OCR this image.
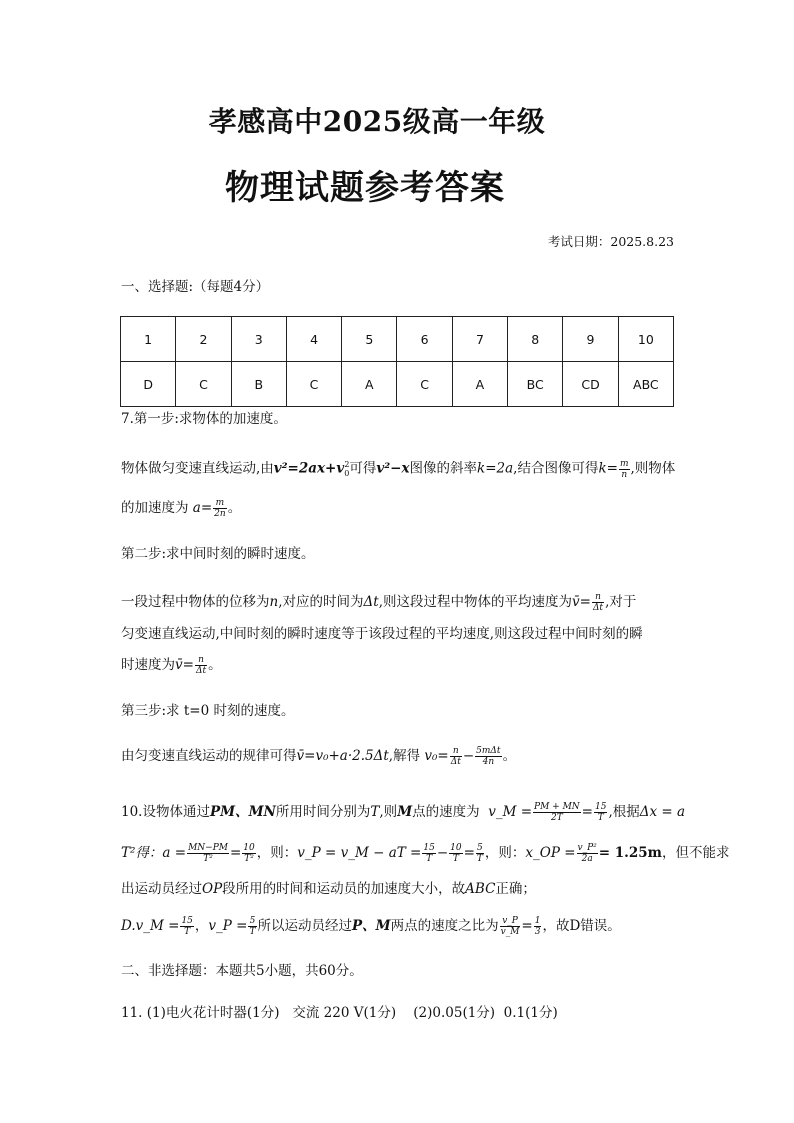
孝感高中2025级高一年级
物理试题参考答案
考试日期：2025.8.23
一、选择题:（每题4分）
1	2	3	4	5	6	7	8	9	10
D	C	B	C	A	C	A	BC	CD	ABC
7.第一步:求物体的加速度。
物体做匀变速直线运动,由$v^2=2ax+v_0^2$可得v²−x图像的斜率k=2a,结合图像可得$k= \frac{m}{n}$ ,则物体
的加速度为 $a= \frac{m}{2n}$ 。
第二步:求中间时刻的瞬时速度。
一段过程中物体的位移为n,对应的时间为Δt,则这段过程中物体的平均速度为v̄= $\frac{n}{\Delta t}$ ,对于
匀变速直线运动,中间时刻的瞬时速度等于该段过程的平均速度,则这段过程中间时刻的瞬
时速度为v̄= $\frac{n}{\Delta t}$ 。
第三步:求 t=0 时刻的速度。
由匀变速直线运动的规律可得v̄=v₀+a·2.5Δt,解得 $v_0= \frac{n}{\Delta t} - \frac{\text{5mΔt}}{4n}$ 。
10.设物体通过PM、MN所用时间分别为T,则M点的速度为 v_M = $\frac{PM + MN}{2T} = \frac{15}{T}$ ,根据Δx = a
T²得：$a = \frac{MN-PM}{\text{T²}} = \frac{10}{\text{T²}}$ ，则：v_P = v_M − aT = $\frac{15}{T} - \frac{10}{T} = \frac{5}{T}$ ，则：x_OP = $\frac{\text{v\_P²}}{2a} = 1.25m$，但不能求
出运动员经过OP段所用的时间和运动员的加速度大小，故ABC正确；
D.v_M = $\frac{15}{T}$ ，v_P = $\frac{5}{T}$ 所以运动员经过P、M两点的速度之比为 $\frac{v\_P}{v\_M} = \frac{1}{3}$ ，故D错误。
二、非选择题：本题共5小题，共60分。
11. (1)电火花计时器(1分)   交流 220 V(1分)    (2)0.05(1分)  0.1(1分)
